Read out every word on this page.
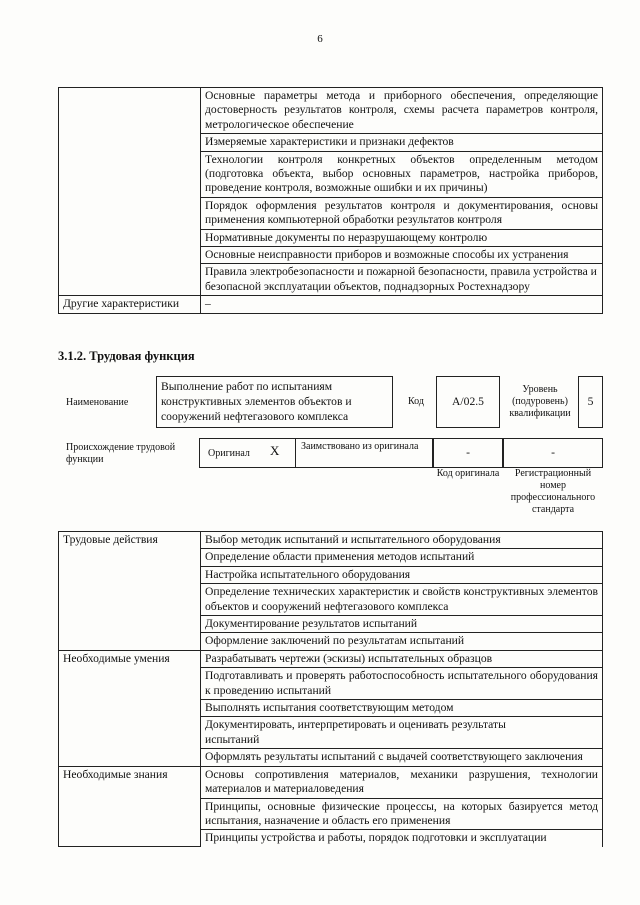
6
	Основные параметры метода и приборного обеспечения, определяющие достоверность результатов контроля, схемы расчета параметров контроля, метрологическое обеспечение
	Измеряемые характеристики и признаки дефектов
	Технологии контроля конкретных объектов определенным методом (подготовка объекта, выбор основных параметров, настройка приборов, проведение контроля, возможные ошибки и их причины)
	Порядок оформления результатов контроля и документирования, основы применения компьютерной обработки результатов контроля
	Нормативные документы по неразрушающему контролю
	Основные неисправности приборов и возможные способы их устранения
	Правила электробезопасности и пожарной безопасности, правила устройства и безопасной эксплуатации объектов, поднадзорных Ростехнадзору
Другие характеристики	–
3.1.2. Трудовая функция
Наименование
Выполнение работ по испытаниям конструктивных элементов объектов и сооружений нефтегазового комплекса
Код	А/02.5
Уровень (подуровень) квалификации
5
Происхождение трудовой функции
Оригинал Х Заимствовано из оригинала	-	-
Код оригинала	Регистрационный номер профессионального стандарта
Трудовые действия	Выбор методик испытаний и испытательного оборудования
	Определение области применения методов испытаний
	Настройка испытательного оборудования
	Определение технических характеристик и свойств конструктивных элементов объектов и сооружений нефтегазового комплекса
	Документирование результатов испытаний
	Оформление заключений по результатам испытаний
Необходимые умения	Разрабатывать чертежи (эскизы) испытательных образцов
	Подготавливать и проверять работоспособность испытательного оборудования к проведению испытаний
	Выполнять испытания соответствующим методом
	Документировать, интерпретировать и оценивать результаты испытаний
	Оформлять результаты испытаний с выдачей соответствующего заключения
Необходимые знания	Основы сопротивления материалов, механики разрушения, технологии материалов и материаловедения
	Принципы, основные физические процессы, на которых базируется метод испытания, назначение и область его применения
	Принципы устройства и работы, порядок подготовки и эксплуатации
